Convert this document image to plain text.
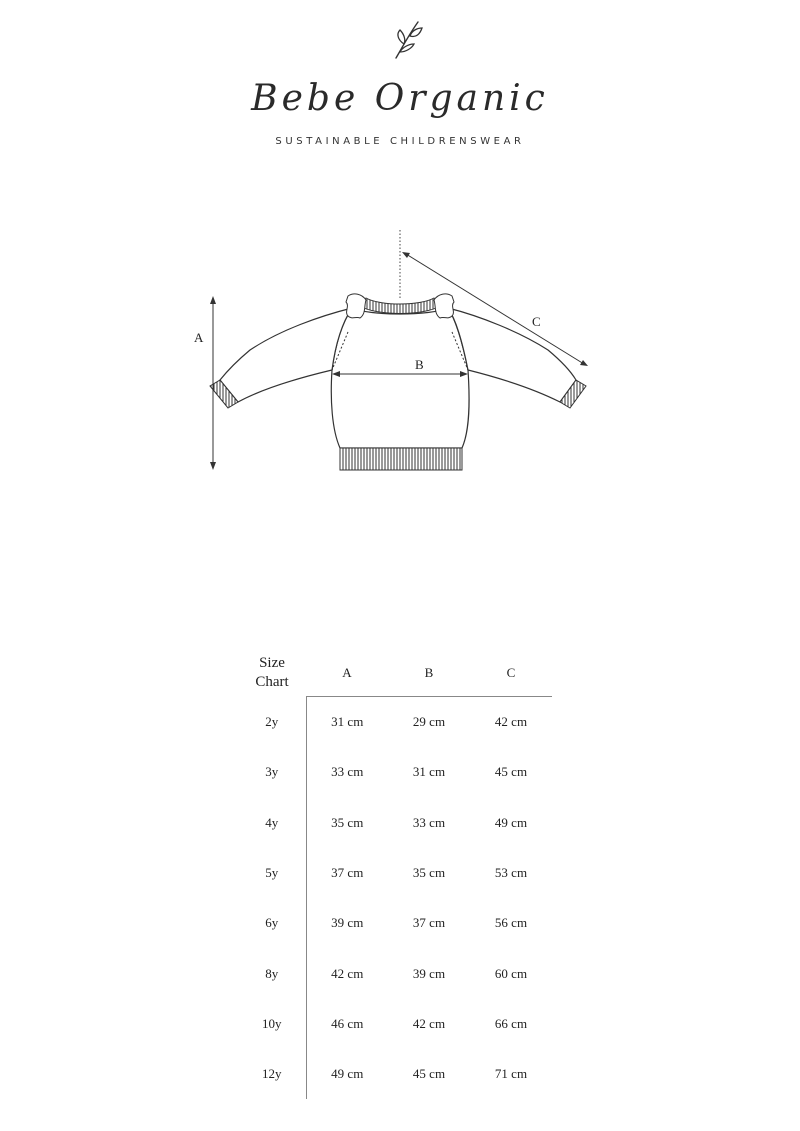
Bebe Organic
SUSTAINABLE CHILDRENSWEAR
A
B
C
Size
Chart	A	B	C
2y	31 cm	29 cm	42 cm
3y	33 cm	31 cm	45 cm
4y	35 cm	33 cm	49 cm
5y	37 cm	35 cm	53 cm
6y	39 cm	37 cm	56 cm
8y	42 cm	39 cm	60 cm
10y	46 cm	42 cm	66 cm
12y	49 cm	45 cm	71 cm
